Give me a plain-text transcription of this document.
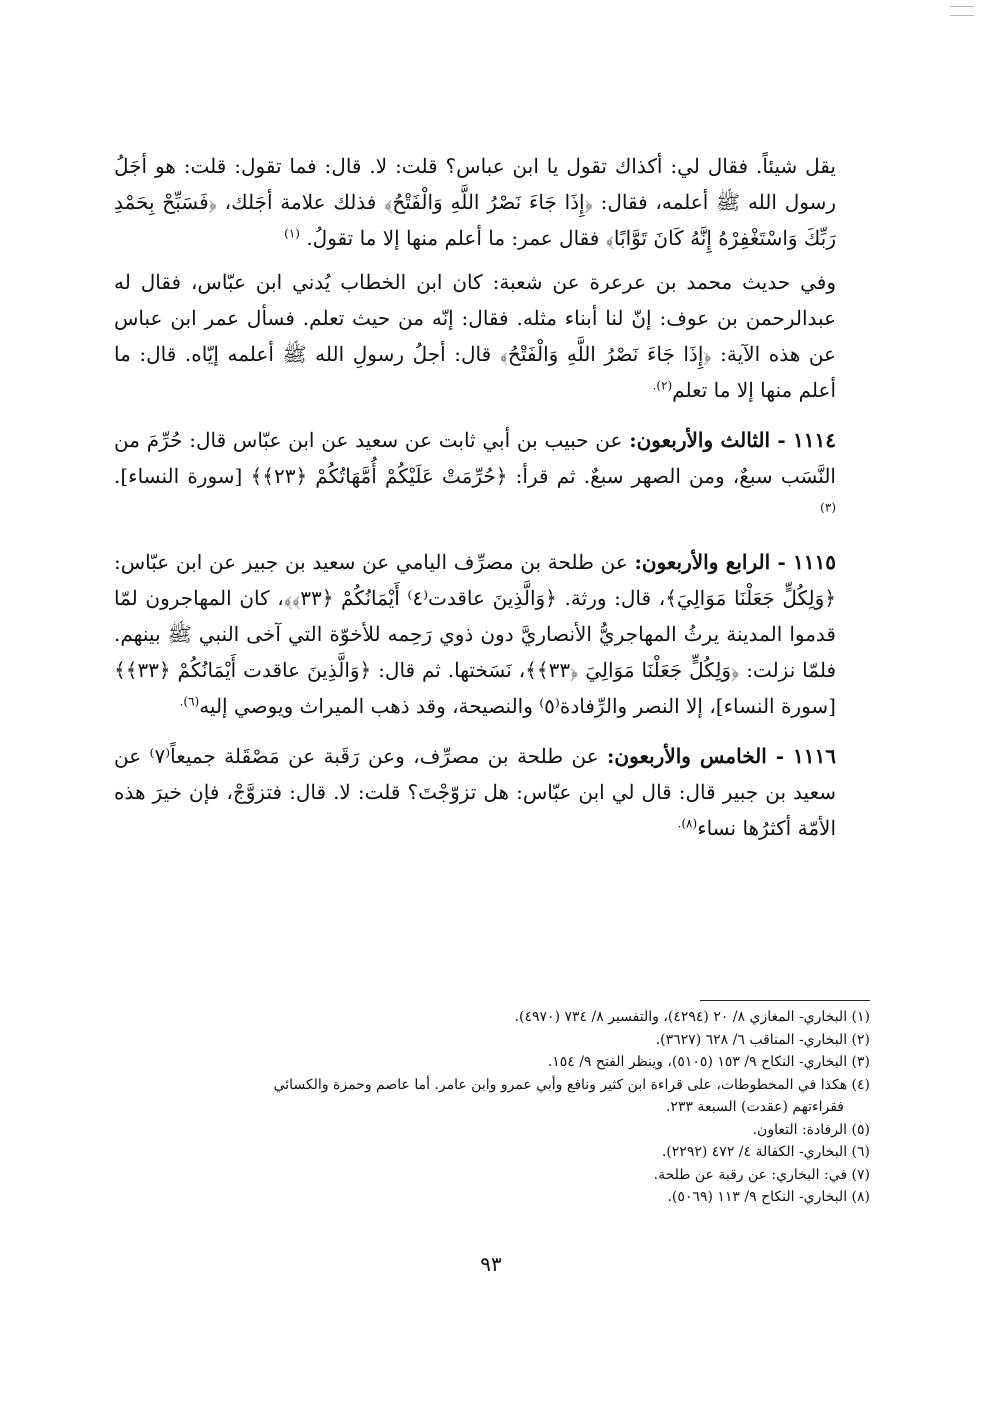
يقل شيئاً. فقال لي: أكذاك تقول يا ابن عباس؟ قلت: لا. قال: فما تقول: قلت: هو أجَلُ رسول الله ﷺ أعلمه، فقال: ﴿إِذَا جَاءَ نَصْرُ اللَّهِ وَالْفَتْحُ﴾ فذلك علامة أجَلك، ﴿فَسَبِّحْ بِحَمْدِ رَبِّكَ وَاسْتَغْفِرْهُ إِنَّهُ كَانَ تَوَّابًا﴾ فقال عمر: ما أعلم منها إلا ما تقولُ. $^{(١)}$

وفي حديث محمد بن عرعرة عن شعبة: كان ابن الخطاب يُدني ابن عبّاس، فقال له عبدالرحمن بن عوف: إنّ لنا أبناء مثله. فقال: إنّه من حيث تعلم. فسأل عمر ابن عباس عن هذه الآية: ﴿إِذَا جَاءَ نَصْرُ اللَّهِ وَالْفَتْحُ﴾ قال: أجلُ رسولِ الله ﷺ أعلمه إيّاه. قال: ما أعلم منها إلا ما تعلم$^{(٢).}$

١١١٤ - الثالث والأربعون: عن حبيب بن أبي ثابت عن سعيد عن ابن عبّاس قال: حُرِّمَ من النَّسَب سبعٌ، ومن الصهر سبعٌ. ثم قرأ: ﴿حُرِّمَتْ عَلَيْكُمْ أُمَّهَاتُكُمْ ﴿٢٣﴾﴾ [سورة النساء]. $^{(٣)}$

١١١٥ - الرابع والأربعون: عن طلحة بن مصرِّف اليامي عن سعيد بن جبير عن ابن عبّاس: ﴿وَلِكُلٍّ جَعَلْنَا مَوَالِيَ﴾، قال: ورثة. ﴿وَالَّذِينَ عاقدت⁽٤⁾ أَيْمَانُكُمْ ﴿٣٣﴾﴾، كان المهاجرون لمّا قدموا المدينة يرثُ المهاجريُّ الأنصاريَّ دون ذوي رَحِمه للأخوّة التي آخى النبي ﷺ بينهم. فلمّا نزلت: ﴿وَلِكُلٍّ جَعَلْنَا مَوَالِيَ ﴿٣٣﴾﴾، نَسَختها. ثم قال: ﴿وَالَّذِينَ عاقدت أَيْمَانُكُمْ ﴿٣٣﴾﴾ [سورة النساء]، إلا النصر والرِّفادة⁽٥⁾ والنصيحة، وقد ذهب الميراث ويوصي إليه$^{(٦).}$

١١١٦ - الخامس والأربعون: عن طلحة بن مصرِّف، وعن رَقَبة عن مَصْقَلة جميعاً⁽٧⁾ عن سعيد بن جبير قال: قال لي ابن عبّاس: هل تزوّجْتَ؟ قلت: لا. قال: فتزوَّجْ، فإن خيرَ هذه الأمّة أكثرُها نساء$^{(٨).}$

(١) البخاري- المغازي ٨/ ٢٠ (٤٢٩٤)، والتفسير ٨/ ٧٣٤ (٤٩٧٠).

(٢) البخاري- المناقب ٦/ ٦٢٨ (٣٦٢٧).

(٣) البخاري- النكاح ٩/ ١٥٣ (٥١٠٥)، وينظر الفتح ٩/ ١٥٤.

(٤) هكذا في المخطوطات، على قراءة ابن كثير ونافع وأبي عمرو وابن عامر. أما عاصم وحمزة والكسائي

فقراءتهم (عقدت) السبعة ٢٣٣.

(٥) الرفادة: التعاون.

(٦) البخاري- الكفالة ٤/ ٤٧٢ (٢٢٩٢).

(٧) في: البخاري: عن رقبة عن طلحة.

(٨) البخاري- النكاح ٩/ ١١٣ (٥٠٦٩).

٩٣
